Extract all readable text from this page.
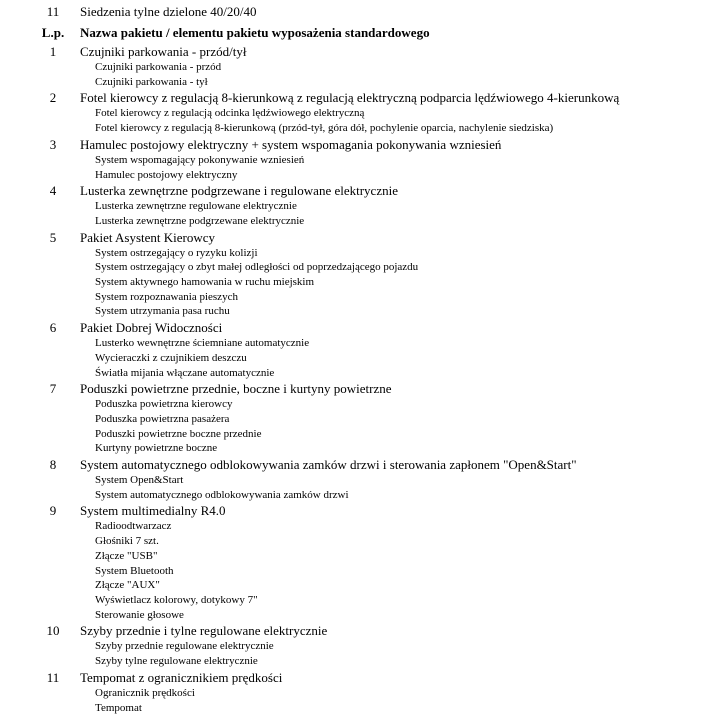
11	Siedzenia tylne dzielone 40/20/40
L.p.	Nazwa pakietu / elementu pakietu wyposażenia standardowego
1	Czujniki parkowania - przód/tył
Czujniki parkowania - przód
Czujniki parkowania - tył
2	Fotel kierowcy z regulacją 8-kierunkową z regulacją elektryczną podparcia lędźwiowego 4-kierunkową
Fotel kierowcy z regulacją odcinka lędźwiowego elektryczną
Fotel kierowcy z regulacją 8-kierunkową (przód-tył, góra dół, pochylenie oparcia, nachylenie siedziska)
3	Hamulec postojowy elektryczny + system wspomagania pokonywania wzniesień
System wspomagający pokonywanie wzniesień
Hamulec postojowy elektryczny
4	Lusterka zewnętrzne podgrzewane i regulowane elektrycznie
Lusterka zewnętrzne regulowane elektrycznie
Lusterka zewnętrzne podgrzewane elektrycznie
5	Pakiet Asystent Kierowcy
System ostrzegający o ryzyku kolizji
System ostrzegający o zbyt małej odległości od poprzedzającego pojazdu
System aktywnego hamowania w ruchu miejskim
System rozpoznawania pieszych
System utrzymania pasa ruchu
6	Pakiet Dobrej Widoczności
Lusterko wewnętrzne ściemniane automatycznie
Wycieraczki z czujnikiem deszczu
Światła mijania włączane automatycznie
7	Poduszki powietrzne przednie, boczne i kurtyny powietrzne
Poduszka powietrzna kierowcy
Poduszka powietrzna pasażera
Poduszki powietrzne boczne przednie
Kurtyny powietrzne boczne
8	System automatycznego odblokowywania zamków drzwi i sterowania zapłonem "Open&Start"
System Open&Start
System automatycznego odblokowywania zamków drzwi
9	System multimedialny R4.0
Radioodtwarzacz
Głośniki 7 szt.
Złącze "USB"
System Bluetooth
Złącze "AUX"
Wyświetlacz kolorowy, dotykowy 7"
Sterowanie głosowe
10	Szyby przednie i tylne regulowane elektrycznie
Szyby przednie regulowane elektrycznie
Szyby tylne regulowane elektrycznie
11	Tempomat z ogranicznikiem prędkości
Ogranicznik prędkości
Tempomat
